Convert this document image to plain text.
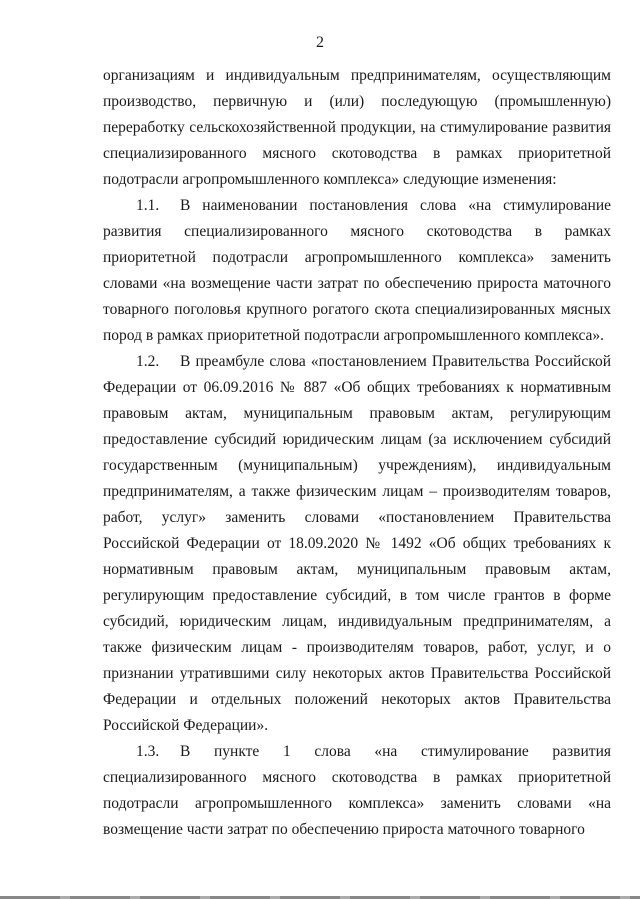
2

организациям и индивидуальным предпринимателям, осуществляющим производство, первичную и (или) последующую (промышленную) переработку сельскохозяйственной продукции, на стимулирование развития специализированного мясного скотоводства в рамках приоритетной подотрасли агропромышленного комплекса» следующие изменения:

1.1. В наименовании постановления слова «на стимулирование развития специализированного мясного скотоводства в рамках приоритетной подотрасли агропромышленного комплекса» заменить словами «на возмещение части затрат по обеспечению прироста маточного товарного поголовья крупного рогатого скота специализированных мясных пород в рамках приоритетной подотрасли агропромышленного комплекса».

1.2. В преамбуле слова «постановлением Правительства Российской Федерации от 06.09.2016 № 887 «Об общих требованиях к нормативным правовым актам, муниципальным правовым актам, регулирующим предоставление субсидий юридическим лицам (за исключением субсидий государственным (муниципальным) учреждениям), индивидуальным предпринимателям, а также физическим лицам – производителям товаров, работ, услуг» заменить словами «постановлением Правительства Российской Федерации от 18.09.2020 № 1492 «Об общих требованиях к нормативным правовым актам, муниципальным правовым актам, регулирующим предоставление субсидий, в том числе грантов в форме субсидий, юридическим лицам, индивидуальным предпринимателям, а также физическим лицам - производителям товаров, работ, услуг, и о признании утратившими силу некоторых актов Правительства Российской Федерации и отдельных положений некоторых актов Правительства Российской Федерации».

1.3. В пункте 1 слова «на стимулирование развития специализированного мясного скотоводства в рамках приоритетной подотрасли агропромышленного комплекса» заменить словами «на возмещение части затрат по обеспечению прироста маточного товарного
